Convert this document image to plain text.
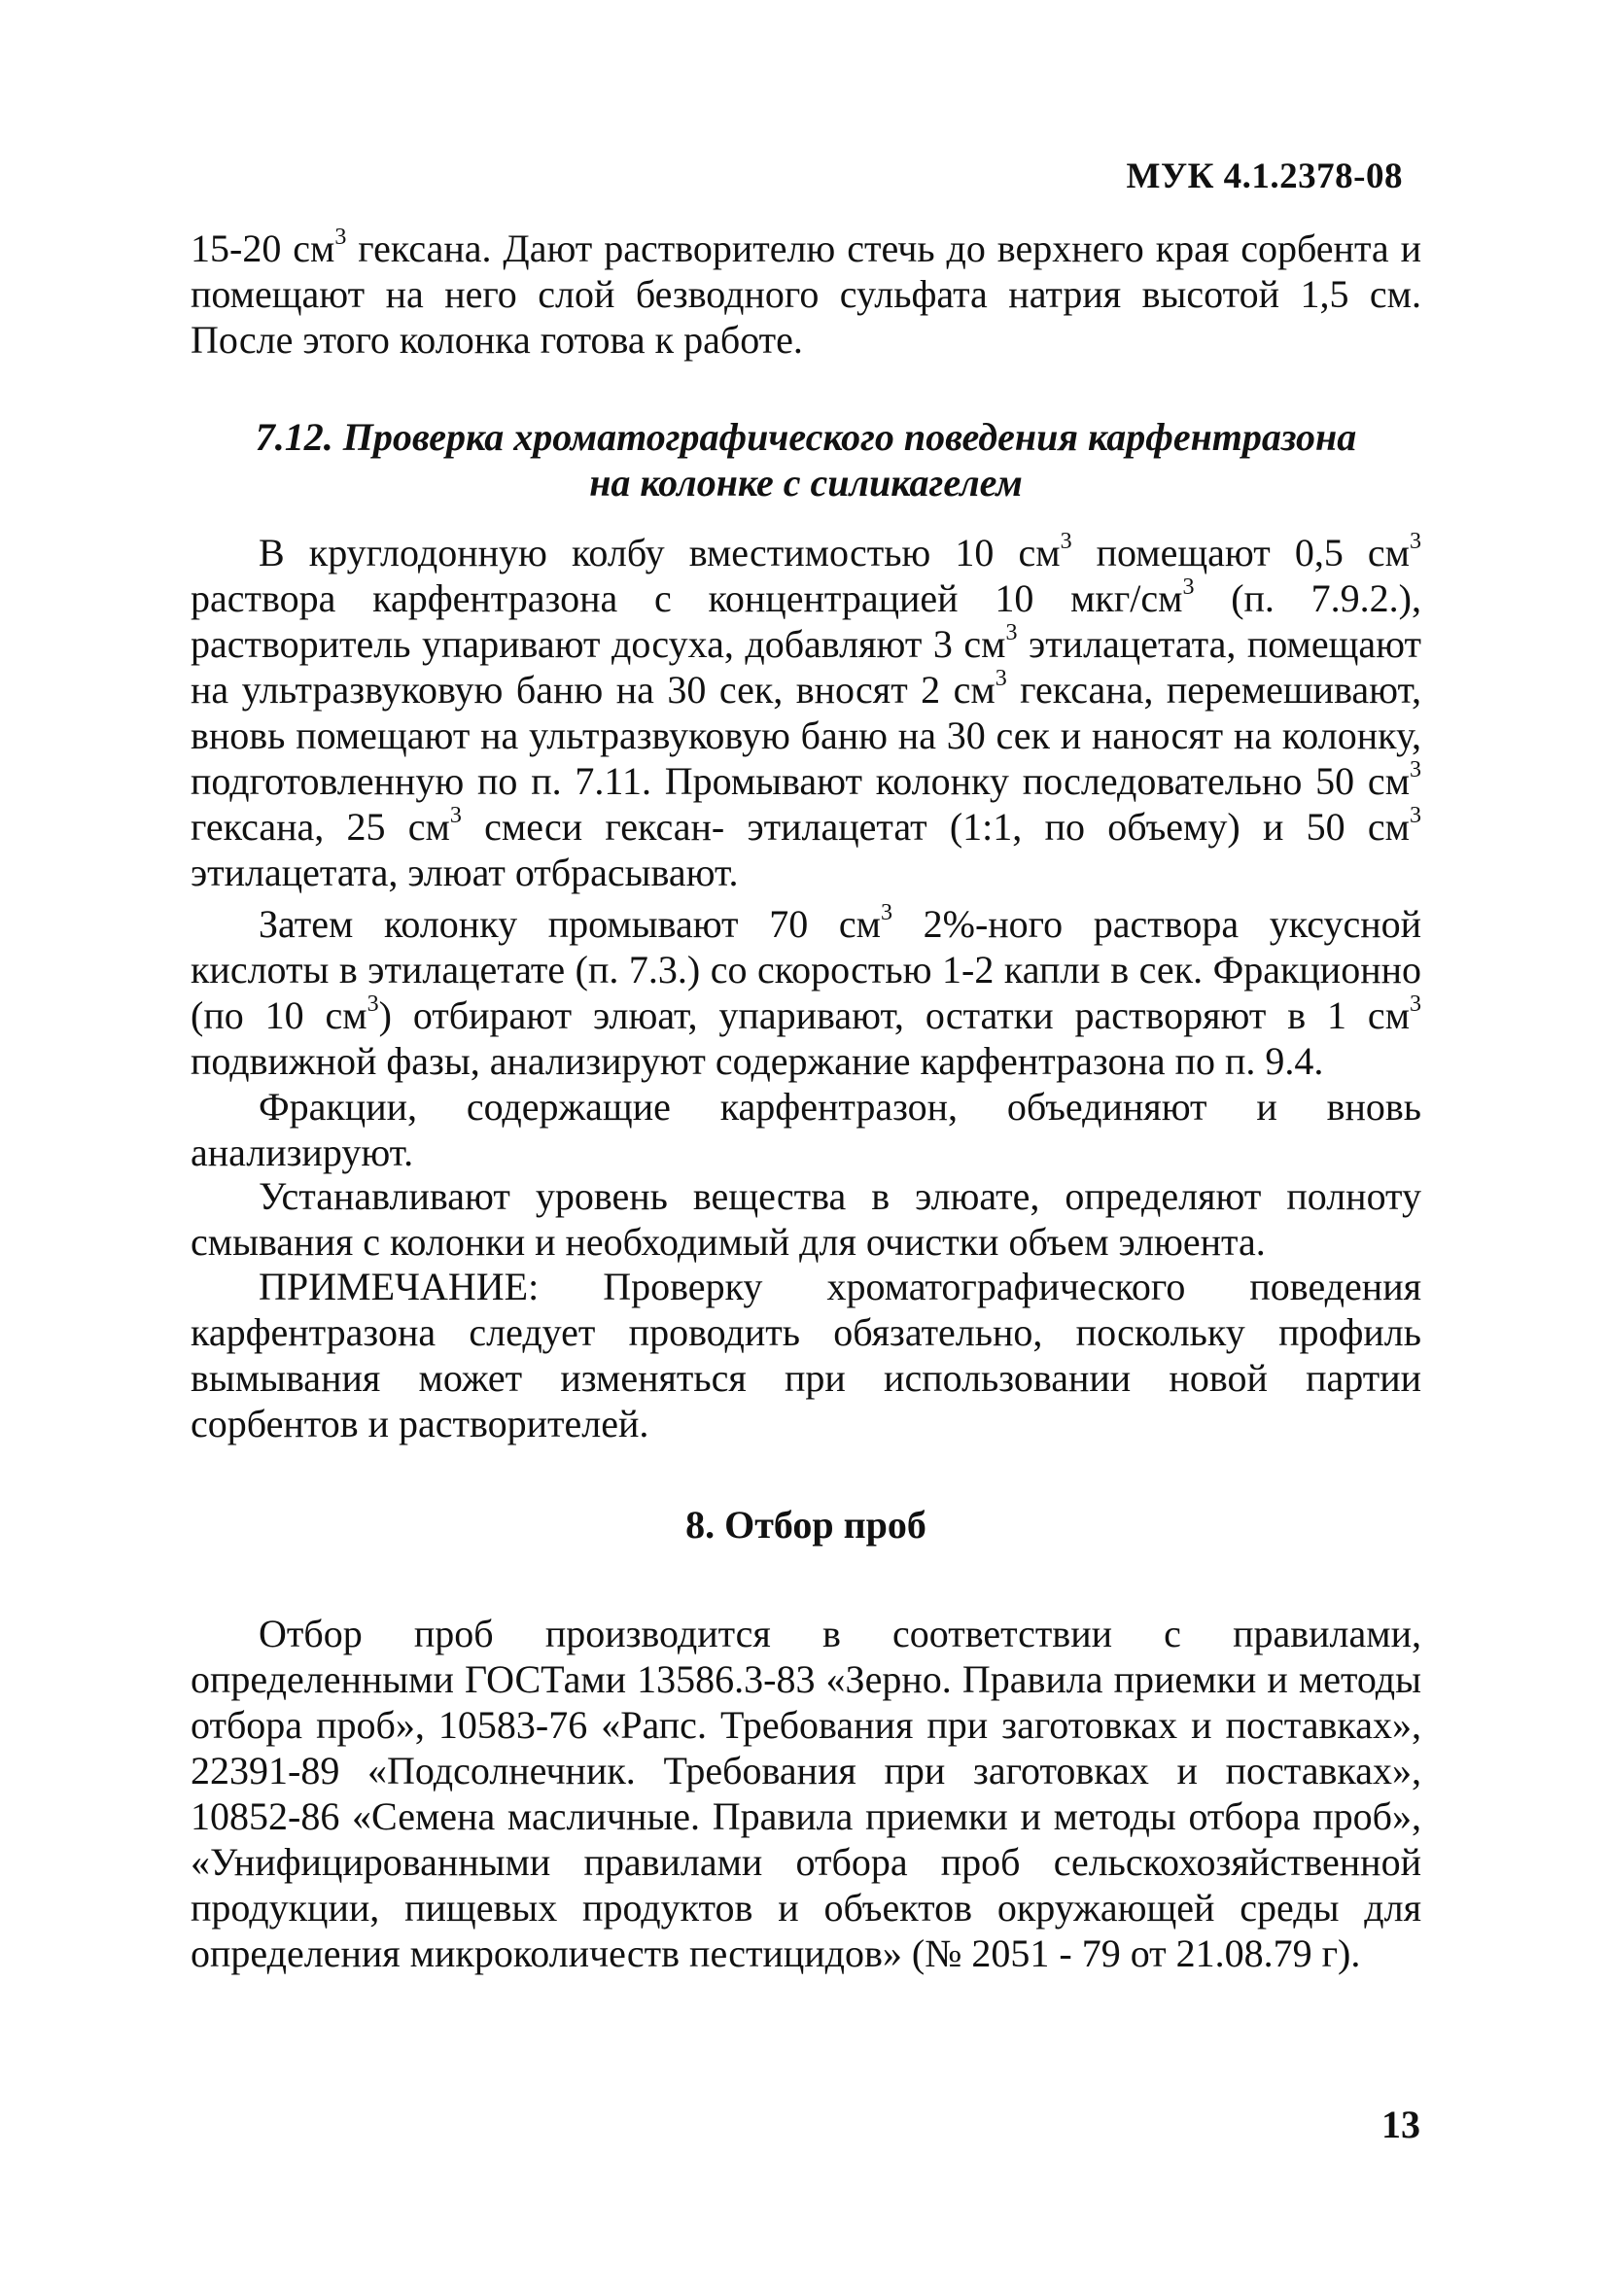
МУК 4.1.2378-08

15-20 $см^3$ гексана. Дают растворителю стечь до верхнего края сорбента и помещают на него слой безводного сульфата натрия высотой 1,5 см. После этого колонка готова к работе.

7.12. Проверка хроматографического поведения карфентразона
на колонке с силикагелем

В круглодонную колбу вместимостью 10 $см^3$ помещают 0,5 $см^3$ раствора карфентразона с концентрацией 10 мкг/$см^3$ (п. 7.9.2.), растворитель упаривают досуха, добавляют 3 $см^3$ этилацетата, помещают на ультразвуковую баню на 30 сек, вносят 2 $см^3$ гексана, перемешивают, вновь помещают на ультразвуковую баню на 30 сек и наносят на колонку, подготовленную по п. 7.11. Промывают колонку последовательно 50 $см^3$ гексана, 25 $см^3$ смеси гексан- этилацетат (1:1, по объему) и 50 $см^3$ этилацетата, элюат отбрасывают.

Затем колонку промывают 70 $см^3$ 2%-ного раствора уксусной кислоты в этилацетате (п. 7.3.) со скоростью 1-2 капли в сек. Фракционно (по 10 $см^3$) отбирают элюат, упаривают, остатки растворяют в 1 $см^3$ подвижной фазы, анализируют содержание карфентразона по п. 9.4.

Фракции, содержащие карфентразон, объединяют и вновь анализируют.

Устанавливают уровень вещества в элюате, определяют полноту смывания с колонки и необходимый для очистки объем элюента.

ПРИМЕЧАНИЕ: Проверку хроматографического поведения карфентразона следует проводить обязательно, поскольку профиль вымывания может изменяться при использовании новой партии сорбентов и растворителей.

8. Отбор проб

Отбор проб производится в соответствии с правилами, определенными ГОСТами 13586.3-83 «Зерно. Правила приемки и методы отбора проб», 10583-76 «Рапс. Требования при заготовках и поставках», 22391-89 «Подсолнечник. Требования при заготовках и поставках», 10852-86 «Семена масличные. Правила приемки и методы отбора проб», «Унифицированными правилами отбора проб сельскохозяйственной продукции, пищевых продуктов и объектов окружающей среды для определения микроколичеств пестицидов» (№ 2051 - 79 от 21.08.79 г).

13
